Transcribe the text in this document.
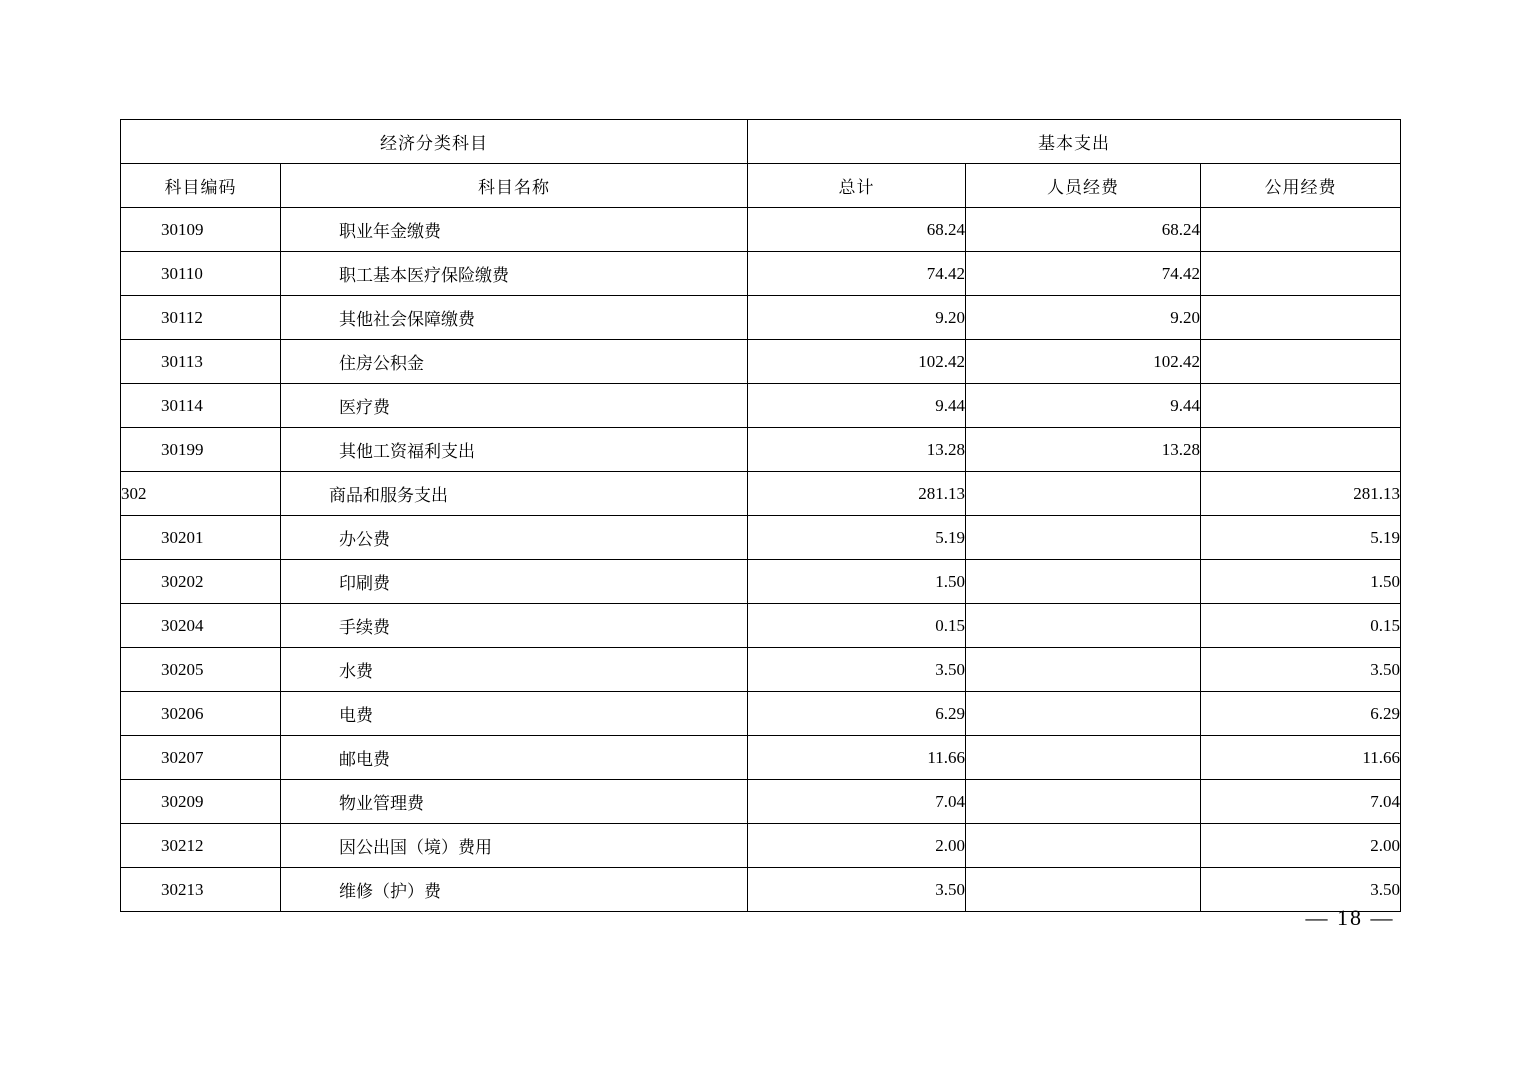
经济分类科目		基本支出		
科目编码	科目名称	总计	人员经费	公用经费
30109	职业年金缴费	68.24	68.24	
30110	职工基本医疗保险缴费	74.42	74.42	
30112	其他社会保障缴费	9.20	9.20	
30113	住房公积金	102.42	102.42	
30114	医疗费	9.44	9.44	
30199	其他工资福利支出	13.28	13.28	
302	商品和服务支出	281.13		281.13
30201	办公费	5.19		5.19
30202	印刷费	1.50		1.50
30204	手续费	0.15		0.15
30205	水费	3.50		3.50
30206	电费	6.29		6.29
30207	邮电费	11.66		11.66
30209	物业管理费	7.04		7.04
30212	因公出国（境）费用	2.00		2.00
30213	维修（护）费	3.50		3.50
— 18 —
